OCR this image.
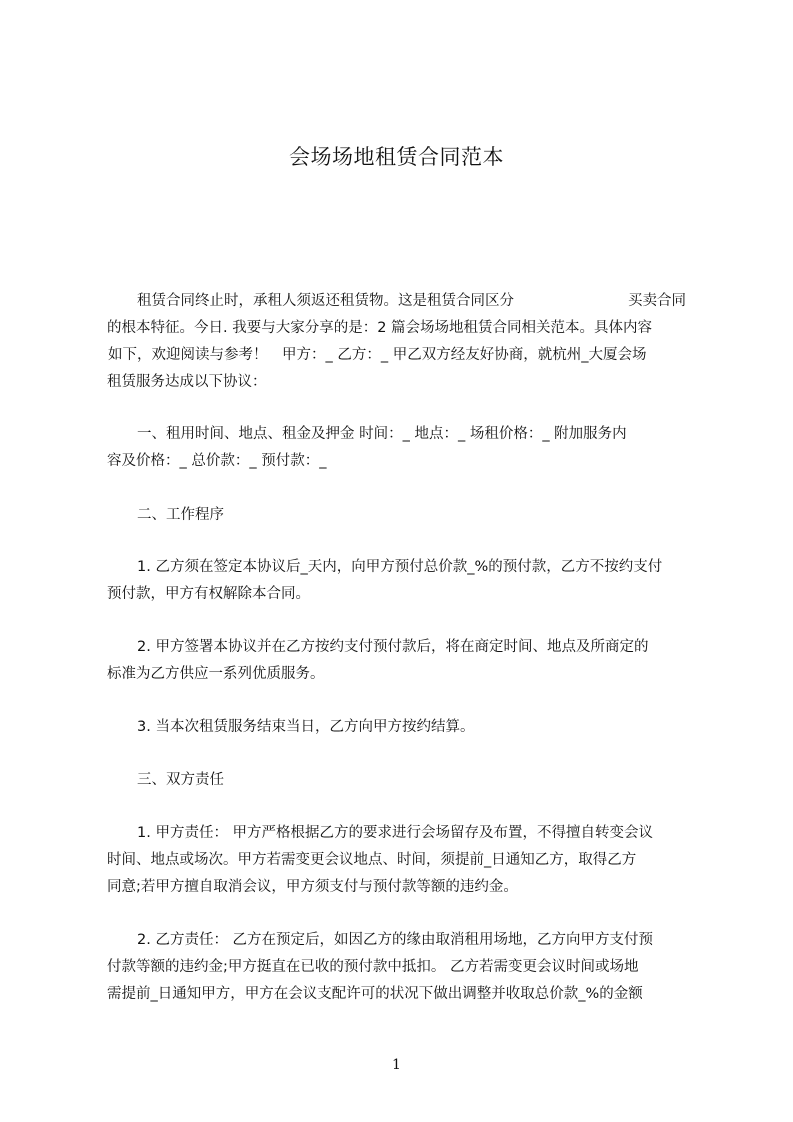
会场场地租赁合同范本
租赁合同终止时，承租人须返还租赁物。这是租赁合同区分	买卖合同
的根本特征。今日. 我要与大家分享的是：2 篇会场场地租赁合同相关范本。具体内容
如下，欢迎阅读与参考！　甲方：_ 乙方：_ 甲乙双方经友好协商，就杭州_大厦会场
租赁服务达成以下协议：
一、租用时间、地点、租金及押金 时间：_ 地点：_ 场租价格：_ 附加服务内
容及价格：_ 总价款：_ 预付款：_
二、工作程序
1. 乙方须在签定本协议后_天内，向甲方预付总价款_%的预付款，乙方不按约支付
预付款，甲方有权解除本合同。
2. 甲方签署本协议并在乙方按约支付预付款后，将在商定时间、地点及所商定的
标准为乙方供应一系列优质服务。
3. 当本次租赁服务结束当日，乙方向甲方按约结算。
三、双方责任
1. 甲方责任： 甲方严格根据乙方的要求进行会场留存及布置，不得擅自转变会议
时间、地点或场次。甲方若需变更会议地点、时间，须提前_日通知乙方，取得乙方
同意;若甲方擅自取消会议，甲方须支付与预付款等额的违约金。
2. 乙方责任： 乙方在预定后，如因乙方的缘由取消租用场地，乙方向甲方支付预
付款等额的违约金;甲方挺直在已收的预付款中抵扣。 乙方若需变更会议时间或场地
需提前_日通知甲方，甲方在会议支配许可的状况下做出调整并收取总价款_%的金额
1
